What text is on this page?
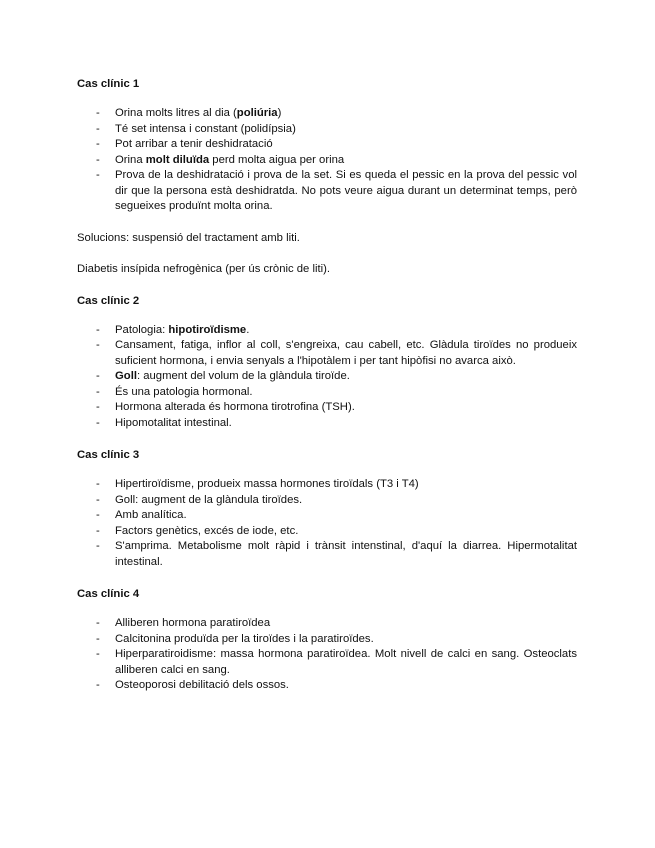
Cas clínic 1
- Orina molts litres al dia (poliúria)
- Té set intensa i constant (polidípsia)
- Pot arribar a tenir deshidratació
- Orina molt diluïda perd molta aigua per orina
- Prova de la deshidratació i prova de la set. Si es queda el pessic en la prova del pessic vol dir que la persona està deshidratda. No pots veure aigua durant un determinat temps, però segueixes produïnt molta orina.

Solucions: suspensió del tractament amb liti.

Diabetis insípida nefrogènica (per ús crònic de liti).

Cas clínic 2
- Patologia: hipotiroïdisme.
- Cansament, fatiga, inflor al coll, s'engreixa, cau cabell, etc. Glàdula tiroïdes no produeix suficient hormona, i envia senyals a l'hipotàlem i per tant hipòfisi no avarca això.
- Goll: augment del volum de la glàndula tiroïde.
- És una patologia hormonal.
- Hormona alterada és hormona tirotrofina (TSH).
- Hipomotalitat intestinal.
Cas clínic 3
- Hipertiroïdisme, produeix massa hormones tiroïdals (T3 i T4)
- Goll: augment de la glàndula tiroïdes.
- Amb analítica.
- Factors genètics, excés de iode, etc.
- S'amprima. Metabolisme molt ràpid i trànsit intenstinal, d'aquí la diarrea. Hipermotalitat intestinal.
Cas clínic 4
- Alliberen hormona paratiroïdea
- Calcitonina produïda per la tiroïdes i la paratiroïdes.
- Hiperparatiroidisme: massa hormona paratiroïdea. Molt nivell de calci en sang. Osteoclats alliberen calci en sang.
- Osteoporosi debilitació dels ossos.
